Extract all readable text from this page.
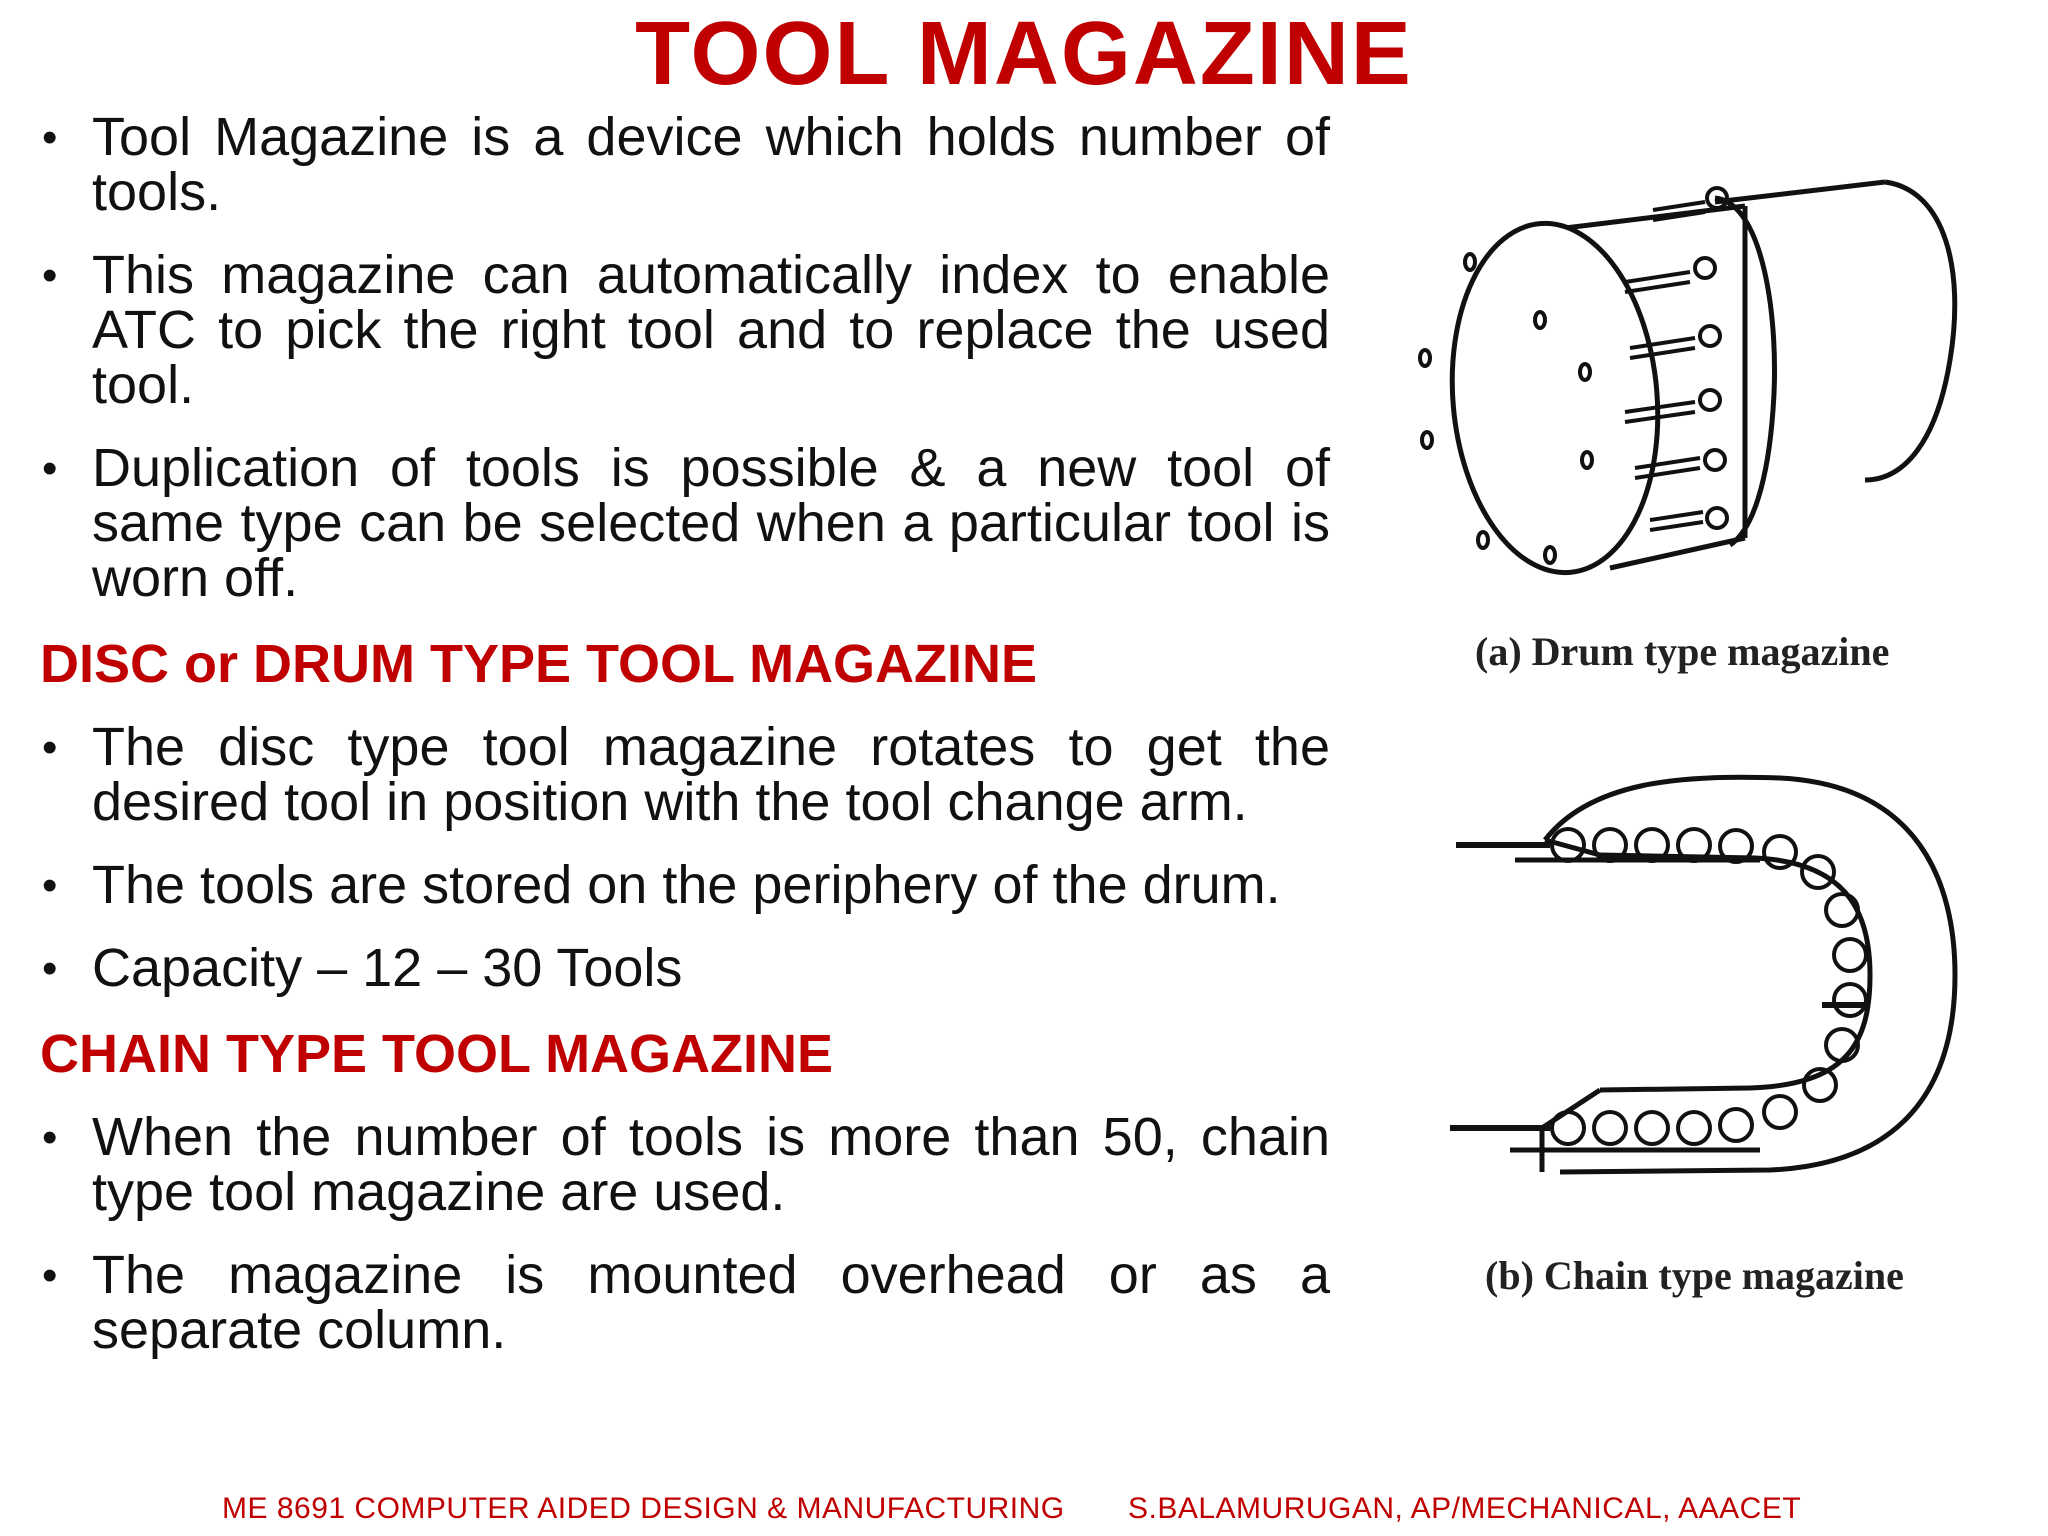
TOOL MAGAZINE
• Tool Magazine is a device which holds number of tools.
• This magazine can automatically index to enable ATC to pick the right tool and to replace the used tool.
• Duplication of tools is possible & a new tool of same type can be selected when a particular tool is worn off.
DISC or DRUM TYPE TOOL MAGAZINE
• The disc type tool magazine rotates to get the desired tool in position with the tool change arm.
• The tools are stored on the periphery of the drum.
• Capacity – 12 – 30 Tools
CHAIN TYPE TOOL MAGAZINE
• When the number of tools is more than 50, chain type tool magazine are used.
• The magazine is mounted overhead or as a separate column.
(a) Drum type magazine
(b) Chain type magazine
ME 8691 COMPUTER AIDED DESIGN & MANUFACTURING S.BALAMURUGAN, AP/MECHANICAL, AAACET
